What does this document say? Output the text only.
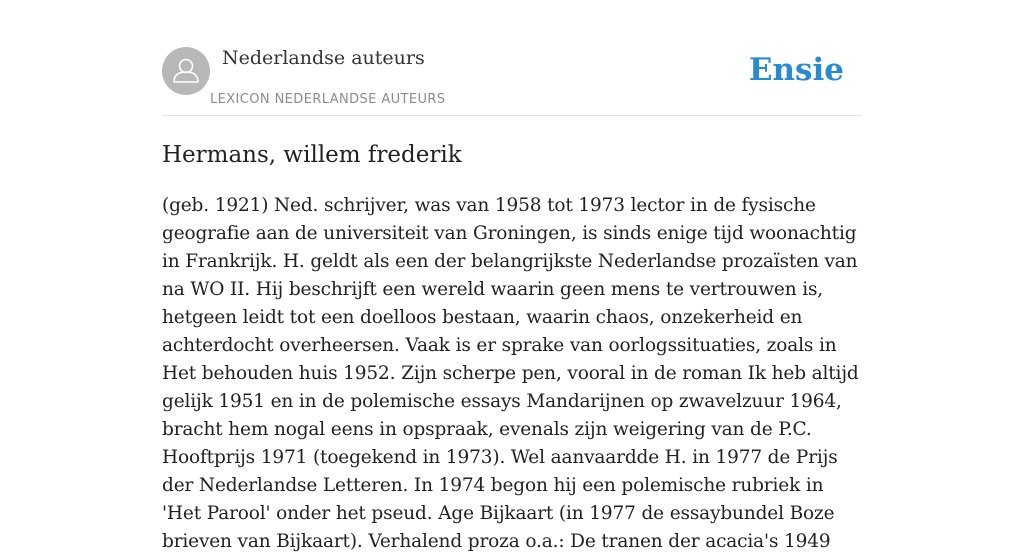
Nederlandse auteurs
LEXICON NEDERLANDSE AUTEURS
Ensie
Hermans, willem frederik

(geb. 1921) Ned. schrijver, was van 1958 tot 1973 lector in de fysische geografie aan de universiteit van Groningen, is sinds enige tijd woonachtig in Frankrijk. H. geldt als een der belangrijkste Nederlandse prozaïsten van na WO II. Hij beschrijft een wereld waarin geen mens te vertrouwen is, hetgeen leidt tot een doelloos bestaan, waarin chaos, onzekerheid en achterdocht overheersen. Vaak is er sprake van oorlogssituaties, zoals in Het behouden huis 1952. Zijn scherpe pen, vooral in de roman Ik heb altijd gelijk 1951 en in de polemische essays Mandarijnen op zwavelzuur 1964, bracht hem nogal eens in opspraak, evenals zijn weigering van de P.C. Hooftprijs 1971 (toegekend in 1973). Wel aanvaardde H. in 1977 de Prijs der Nederlandse Letteren. In 1974 begon hij een polemische rubriek in 'Het Parool' onder het pseud. Age Bijkaart (in 1977 de essaybundel Boze brieven van Bijkaart). Verhalend proza o.a.: De tranen der acacia's 1949
